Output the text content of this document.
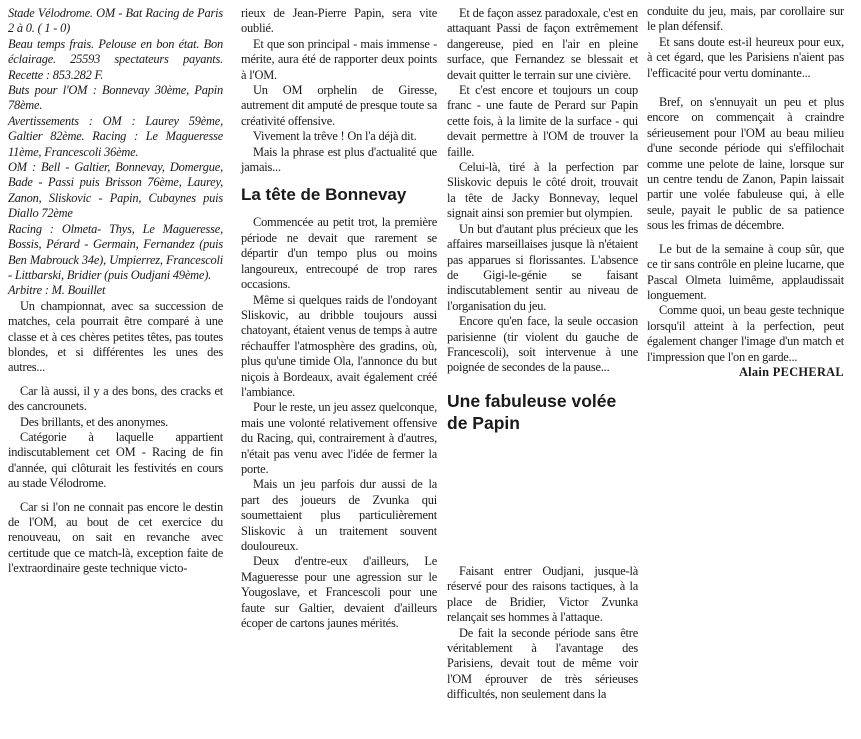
Stade Vélodrome. OM - Bat Racing de Paris 2 à 0. ( 1 - 0)

Beau temps frais. Pelouse en bon état. Bon éclairage. 25593 spectateurs payants. Recette : 853.282 F.

Buts pour l'OM : Bonnevay 30ème, Papin 78ème.

Avertissements : OM : Laurey 59ème, Galtier 82ème. Racing : Le Magueresse 11ème, Francescoli 36ème.

OM : Bell - Galtier, Bonnevay, Domergue, Bade - Passi puis Brisson 76ème, Laurey, Zanon, Sliskovic - Papin, Cubaynes puis Diallo 72ème

Racing : Olmeta- Thys, Le Magueresse, Bossis, Pérard - Germain, Fernandez (puis Ben Mabrouck 34e), Umpierrez, Francescoli - Littbarski, Bridier (puis Oudjani 49ème).

Arbitre : M. Bouillet

Un championnat, avec sa succession de matches, cela pourrait être comparé à une classe et à ces chères petites têtes, pas toutes blondes, et si différentes les unes des autres...

Car là aussi, il y a des bons, des cracks et des cancrounets.

Des brillants, et des anonymes.

Catégorie à laquelle appartient indiscutablement cet OM - Racing de fin d'année, qui clôturait les festivités en cours au stade Vélodrome.

Car si l'on ne connait pas encore le destin de l'OM, au bout de cet exercice du renouveau, on sait en revanche avec certitude que ce match-là, exception faite de l'extraordinaire geste technique victo-

rieux de Jean-Pierre Papin, sera vite oublié.

Et que son principal - mais immense - mérite, aura été de rapporter deux points à l'OM.

Un OM orphelin de Giresse, autrement dit amputé de presque toute sa créativité offensive.

Vivement la trêve ! On l'a déjà dit.

Mais la phrase est plus d'actualité que jamais...

La tête de Bonnevay

Commencée au petit trot, la première période ne devait que rarement se départir d'un tempo plus ou moins langoureux, entrecoupé de trop rares occasions.

Même si quelques raids de l'ondoyant Sliskovic, au dribble toujours aussi chatoyant, étaient venus de temps à autre réchauffer l'atmosphère des gradins, où, plus qu'une timide Ola, l'annonce du but niçois à Bordeaux, avait également créé l'ambiance.

Pour le reste, un jeu assez quelconque, mais une volonté relativement offensive du Racing, qui, contrairement à d'autres, n'était pas venu avec l'idée de fermer la porte.

Mais un jeu parfois dur aussi de la part des joueurs de Zvunka qui soumettaient plus particulièrement Sliskovic à un traitement souvent douloureux.

Deux d'entre-eux d'ailleurs, Le Magueresse pour une agression sur le Yougoslave, et Francescoli pour une faute sur Galtier, devaient d'ailleurs écoper de cartons jaunes mérités.

Et de façon assez paradoxale, c'est en attaquant Passi de façon extrêmement dangereuse, pied en l'air en pleine surface, que Fernandez se blessait et devait quitter le terrain sur une civière.

Et c'est encore et toujours un coup franc - une faute de Perard sur Papin cette fois, à la limite de la surface - qui devait permettre à l'OM de trouver la faille.

Celui-là, tiré à la perfection par Sliskovic depuis le côté droit, trouvait la tête de Jacky Bonnevay, lequel signait ainsi son premier but olympien.

Un but d'autant plus précieux que les affaires marseillaises jusque là n'étaient pas apparues si florissantes. L'absence de Gigi-le-génie se faisant indiscutablement sentir au niveau de l'organisation du jeu.

Encore qu'en face, la seule occasion parisienne (tir violent du gauche de Francescoli), soit intervenue à une poignée de secondes de la pause...

Une fabuleuse volée de Papin

Faisant entrer Oudjani, jusque-là réservé pour des raisons tactiques, à la place de Bridier, Victor Zvunka relançait ses hommes à l'attaque.

De fait la seconde période sans être véritablement à l'avantage des Parisiens, devait tout de même voir l'OM éprouver de très sérieuses difficultés, non seulement dans la

conduite du jeu, mais, par corollaire sur le plan défensif.

Et sans doute est-il heureux pour eux, à cet égard, que les Parisiens n'aient pas l'efficacité pour vertu dominante...

Bref, on s'ennuyait un peu et plus encore on commençait à craindre sérieusement pour l'OM au beau milieu d'une seconde période qui s'effilochait comme une pelote de laine, lorsque sur un centre tendu de Zanon, Papin laissait partir une volée fabuleuse qui, à elle seule, payait le public de sa patience sous les frimas de décembre.

Le but de la semaine à coup sûr, que ce tir sans contrôle en pleine lucarne, que Pascal Olmeta luimême, applaudissait longuement.

Comme quoi, un beau geste technique lorsqu'il atteint à la perfection, peut également changer l'image d'un match et l'impression que l'on en garde...

Alain PECHERAL
